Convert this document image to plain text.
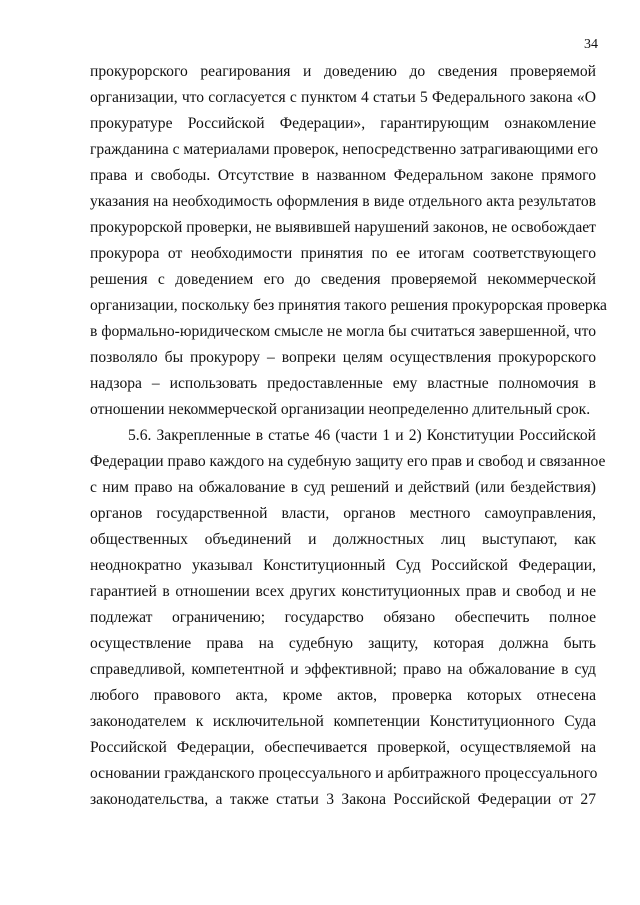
34
прокурорского реагирования и доведению до сведения проверяемой
организации, что согласуется с пунктом 4 статьи 5 Федерального закона «О
прокуратуре Российской Федерации», гарантирующим ознакомление
гражданина с материалами проверок, непосредственно затрагивающими его
права и свободы. Отсутствие в названном Федеральном законе прямого
указания на необходимость оформления в виде отдельного акта результатов
прокурорской проверки, не выявившей нарушений законов, не освобождает
прокурора от необходимости принятия по ее итогам соответствующего
решения с доведением его до сведения проверяемой некоммерческой
организации, поскольку без принятия такого решения прокурорская проверка
в формально-юридическом смысле не могла бы считаться завершенной, что
позволяло бы прокурору – вопреки целям осуществления прокурорского
надзора – использовать предоставленные ему властные полномочия в
отношении некоммерческой организации неопределенно длительный срок.
5.6. Закрепленные в статье 46 (части 1 и 2) Конституции Российской
Федерации право каждого на судебную защиту его прав и свобод и связанное
с ним право на обжалование в суд решений и действий (или бездействия)
органов государственной власти, органов местного самоуправления,
общественных объединений и должностных лиц выступают, как
неоднократно указывал Конституционный Суд Российской Федерации,
гарантией в отношении всех других конституционных прав и свобод и не
подлежат ограничению; государство обязано обеспечить полное
осуществление права на судебную защиту, которая должна быть
справедливой, компетентной и эффективной; право на обжалование в суд
любого правового акта, кроме актов, проверка которых отнесена
законодателем к исключительной компетенции Конституционного Суда
Российской Федерации, обеспечивается проверкой, осуществляемой на
основании гражданского процессуального и арбитражного процессуального
законодательства, а также статьи 3 Закона Российской Федерации от 27
